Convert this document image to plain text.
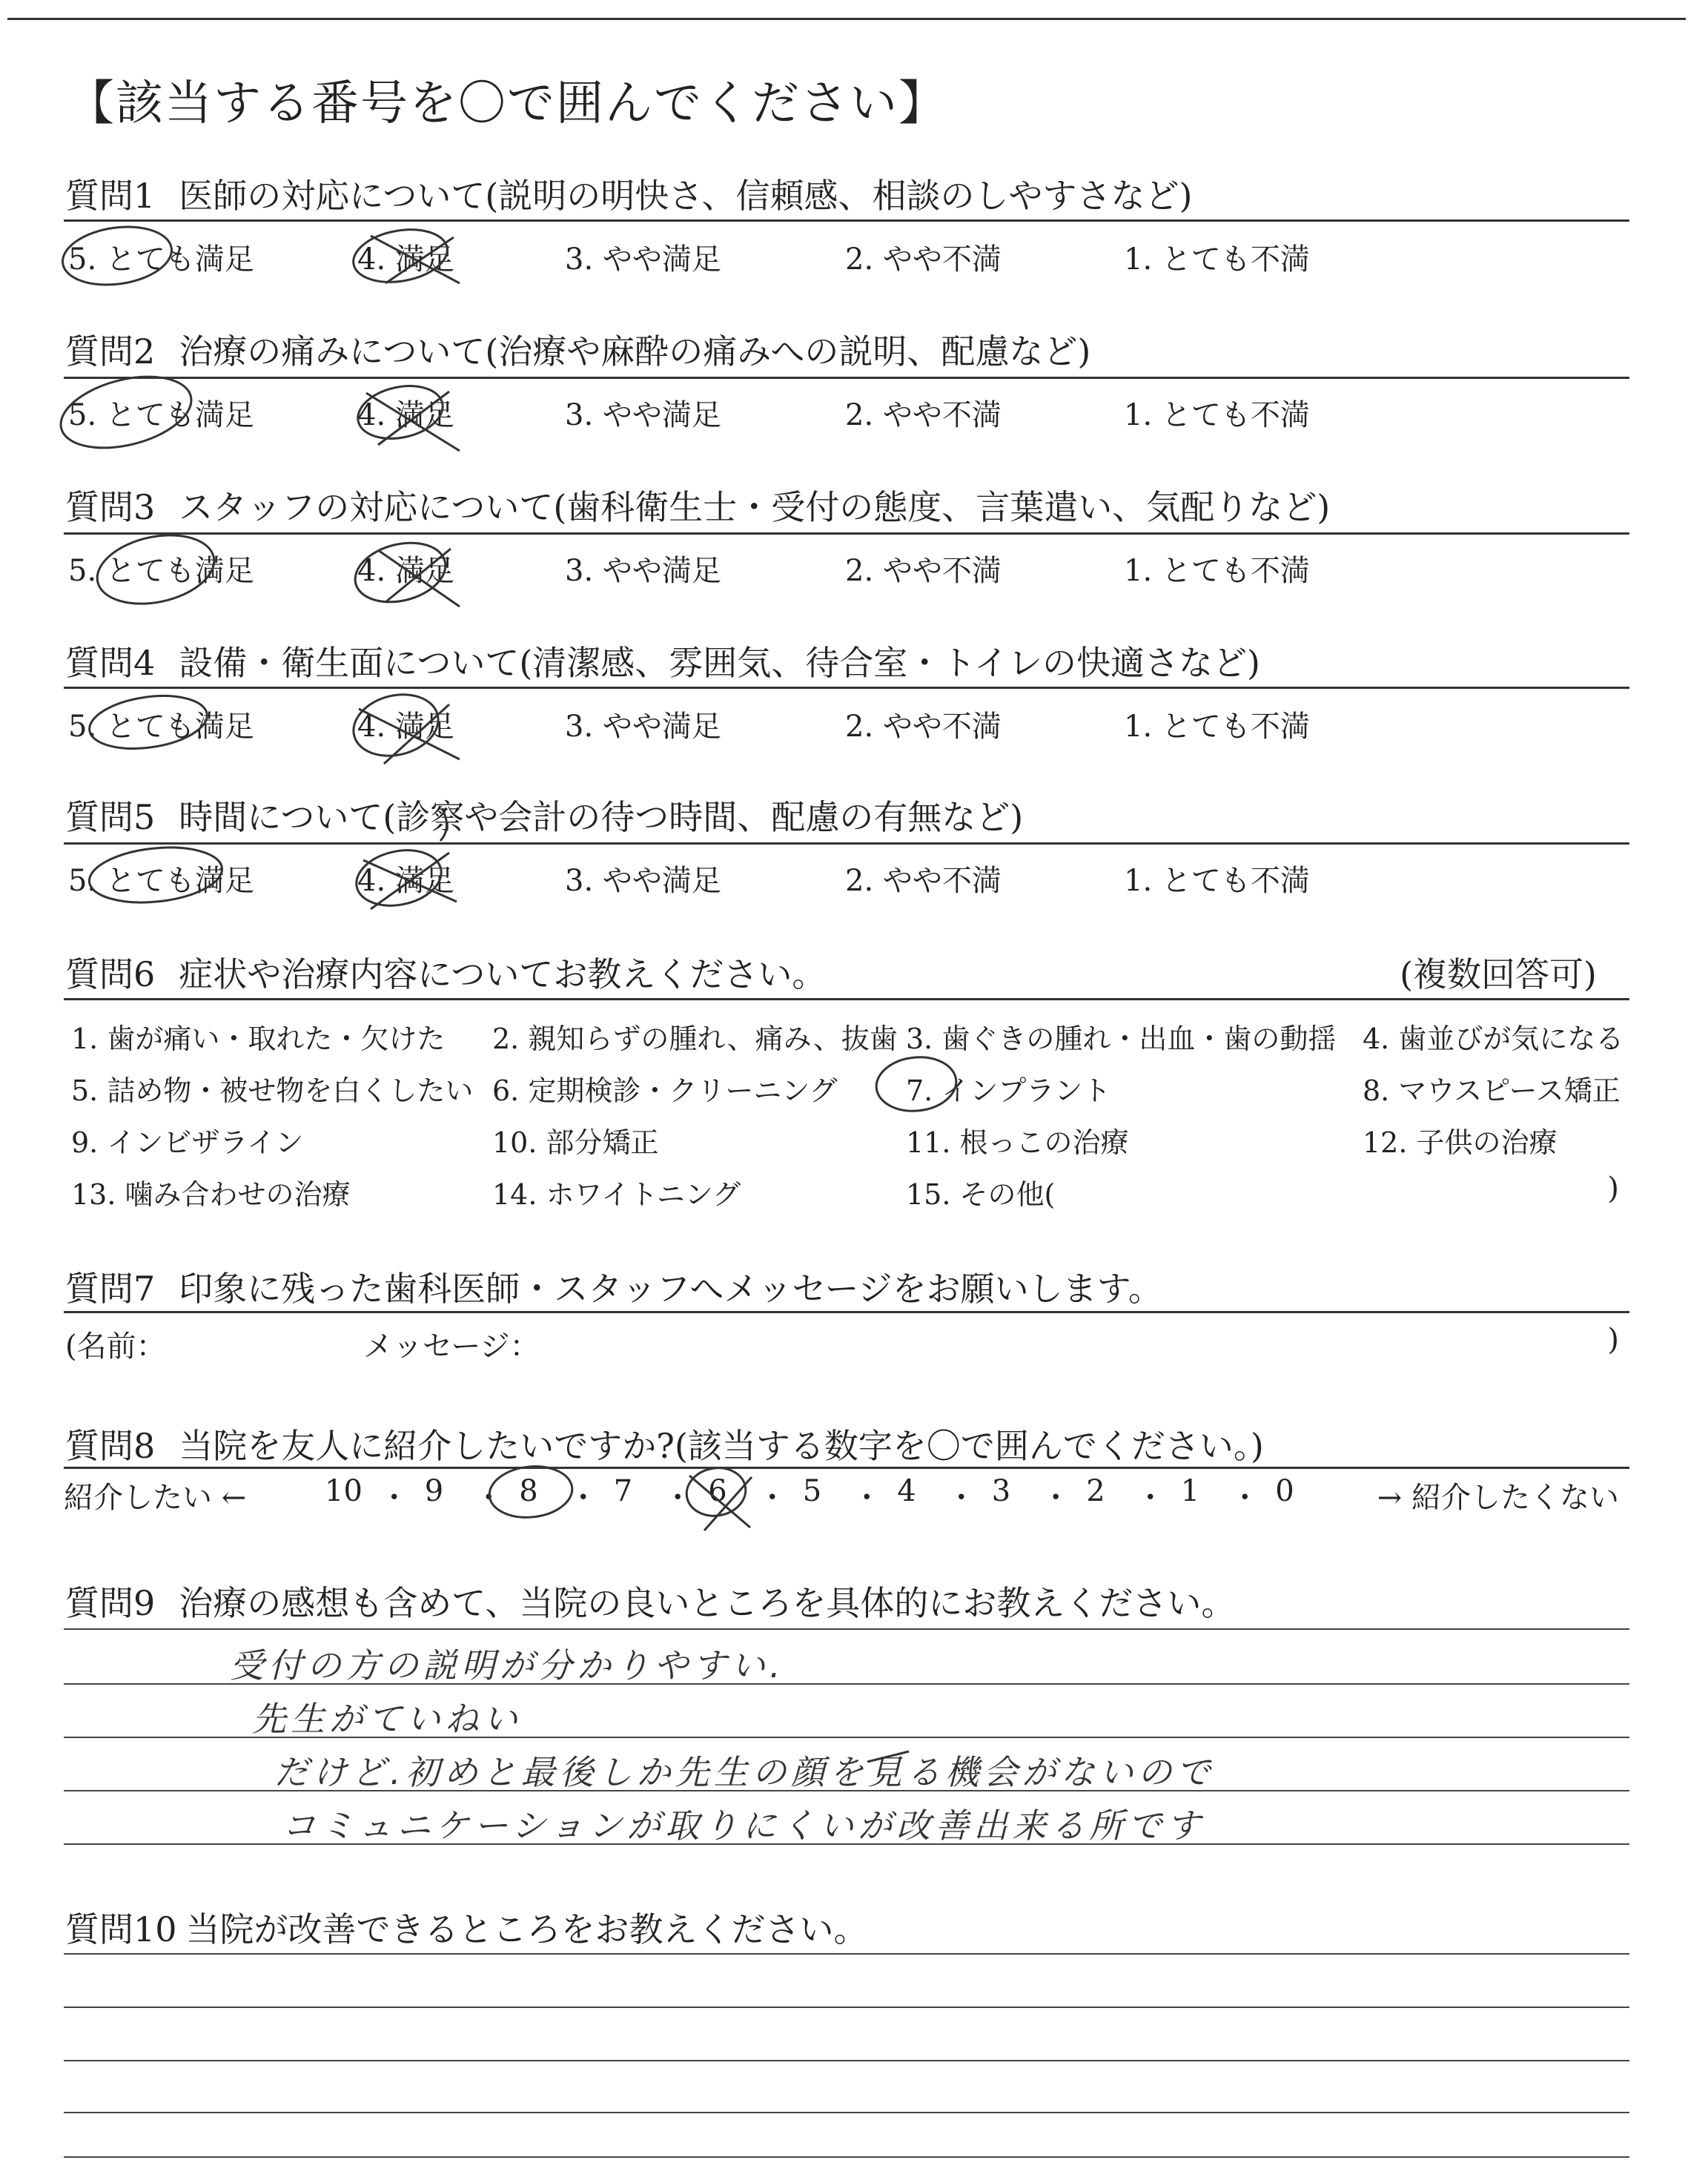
【該当する番号を〇で囲んでください】
質問1 医師の対応について(説明の明快さ、信頼感、相談のしやすさなど)
5. とても満足	4. 満足	3. やや満足	2. やや不満	1. とても不満
質問2 治療の痛みについて(治療や麻酔の痛みへの説明、配慮など)
5. とても満足	4. 満足	3. やや満足	2. やや不満	1. とても不満
質問3 スタッフの対応について(歯科衛生士・受付の態度、言葉遣い、気配りなど)
5. とても満足	4. 満足	3. やや満足	2. やや不満	1. とても不満
質問4 設備・衛生面について(清潔感、雰囲気、待合室・トイレの快適さなど)
5. とても満足	4. 満足	3. やや満足	2. やや不満	1. とても不満
質問5 時間について(診察や会計の待つ時間、配慮の有無など)
5. とても満足	4. 満足	3. やや満足	2. やや不満	1. とても不満
質問6 症状や治療内容についてお教えください。	(複数回答可)
1. 歯が痛い・取れた・欠けた 2. 親知らずの腫れ、痛み、抜歯 3. 歯ぐきの腫れ・出血・歯の動揺 4. 歯並びが気になる
5. 詰め物・被せ物を白くしたい 6. 定期検診・クリーニング 7. インプラント	8. マウスピース矯正
9. インビザライン	10. 部分矯正	11. 根っこの治療	12. 子供の治療
13. 噛み合わせの治療	14. ホワイトニング	15. その他(	)
質問7 印象に残った歯科医師・スタッフへメッセージをお願いします。
(名前：	メッセージ：	)
質問8 当院を友人に紹介したいですか?(該当する数字を〇で囲んでください。)
紹介したい ←	→ 紹介したくない
10 ・ 9 ・ 8 ・ 7 ・ 6 ・ 5 ・ 4 ・ 3 ・ 2 ・ 1 ・ 0
質問9 治療の感想も含めて、当院の良いところを具体的にお教えください。
受付の方の説明が分かりやすい.
先生がていねい
だけど.初めと最後しか先生の顔を見る機会がないので
コミュニケーションが取りにくいが改善出来る所です
質問10 当院が改善できるところをお教えください。
